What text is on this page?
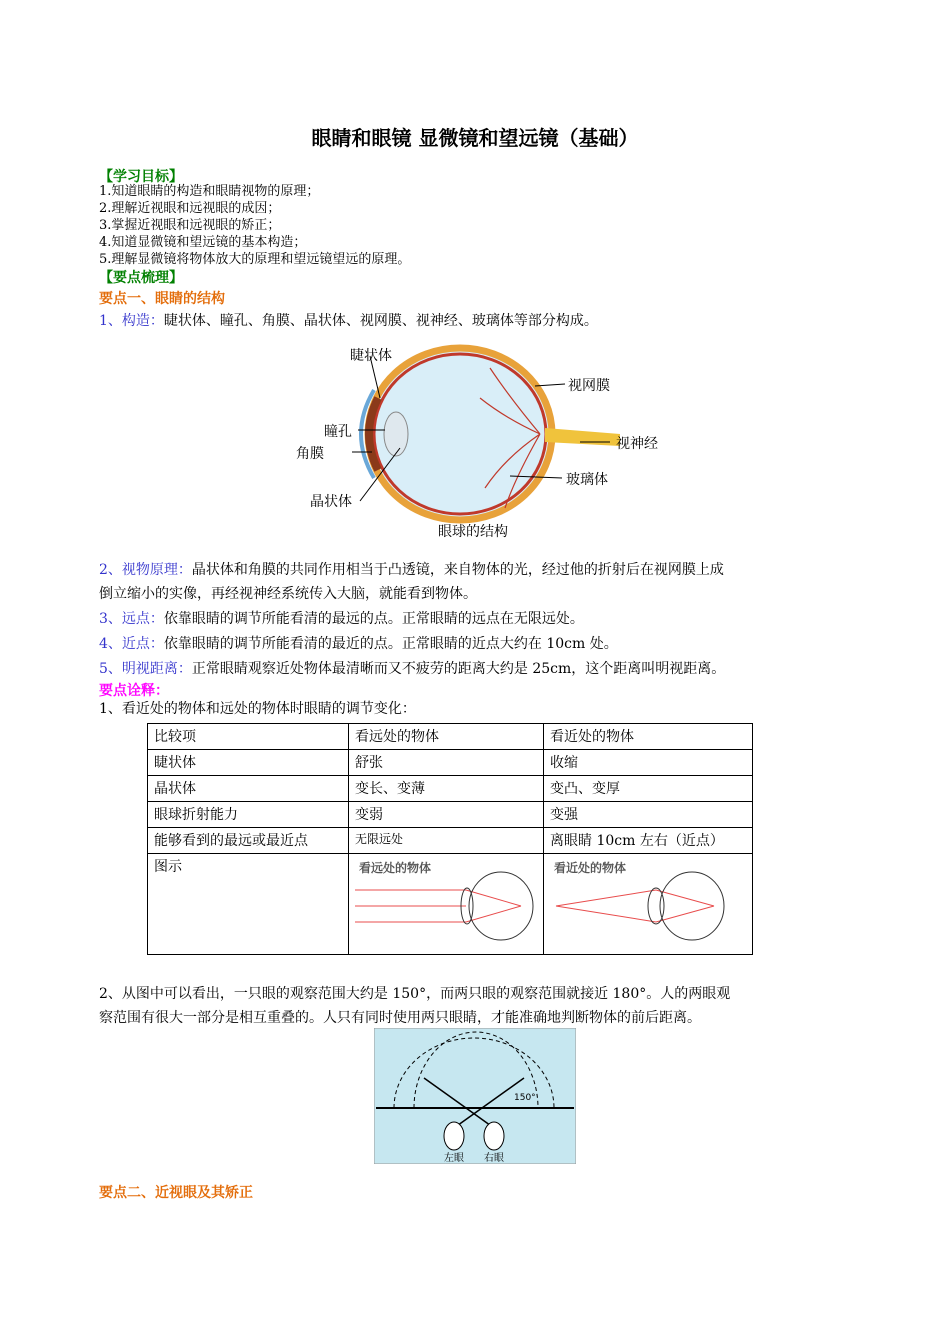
眼睛和眼镜 显微镜和望远镜（基础）
【学习目标】
1.知道眼睛的构造和眼睛视物的原理；
2.理解近视眼和远视眼的成因；
3.掌握近视眼和远视眼的矫正；
4.知道显微镜和望远镜的基本构造；
5.理解显微镜将物体放大的原理和望远镜望远的原理。
【要点梳理】
要点一、眼睛的结构
1、构造：睫状体、瞳孔、角膜、晶状体、视网膜、视神经、玻璃体等部分构成。
睫状体
视网膜
瞳孔
视神经
角膜
玻璃体
晶状体
眼球的结构
2、视物原理：晶状体和角膜的共同作用相当于凸透镜，来自物体的光，经过他的折射后在视网膜上成
倒立缩小的实像，再经视神经系统传入大脑，就能看到物体。
3、远点：依靠眼睛的调节所能看清的最远的点。正常眼睛的远点在无限远处。
4、近点：依靠眼睛的调节所能看清的最近的点。正常眼睛的近点大约在 10cm 处。
5、明视距离：正常眼睛观察近处物体最清晰而又不疲劳的距离大约是 25cm，这个距离叫明视距离。
要点诠释：
1、看近处的物体和远处的物体时眼睛的调节变化：
比较项	看远处的物体	看近处的物体
睫状体	舒张	收缩
晶状体	变长、变薄	变凸、变厚
眼球折射能力	变弱	变强
能够看到的最远或最近点	无限远处	离眼睛 10cm 左右（近点）
图示	看远处的物体	看近处的物体
2、从图中可以看出，一只眼的观察范围大约是 150°，而两只眼的观察范围就接近 180°。人的两眼观
察范围有很大一部分是相互重叠的。人只有同时使用两只眼睛，才能准确地判断物体的前后距离。
150°
左眼 右眼
要点二、近视眼及其矫正
